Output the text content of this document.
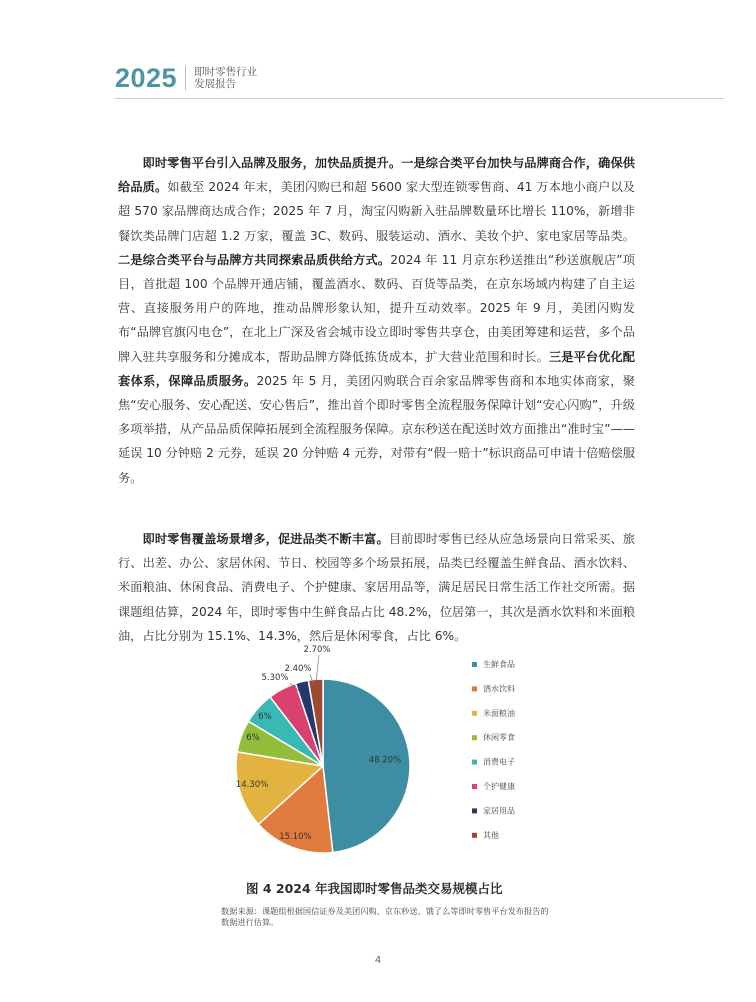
2025 即时零售行业
发展报告

即时零售平台引入品牌及服务，加快品质提升。一是综合类平台加快与品牌商合作，确保供给品质。如截至 2024 年末，美团闪购已和超 5600 家大型连锁零售商、41 万本地小商户以及超 570 家品牌商达成合作；2025 年 7 月，淘宝闪购新入驻品牌数量环比增长 110%，新增非餐饮类品牌门店超 1.2 万家，覆盖 3C、数码、服装运动、酒水、美妆个护、家电家居等品类。二是综合类平台与品牌方共同探索品质供给方式。2024 年 11 月京东秒送推出“秒送旗舰店”项目，首批超 100 个品牌开通店铺，覆盖酒水、数码、百货等品类，在京东场域内构建了自主运营、直接服务用户的阵地，推动品牌形象认知，提升互动效率。2025 年 9 月，美团闪购发布“品牌官旗闪电仓”，在北上广深及省会城市设立即时零售共享仓，由美团筹建和运营，多个品牌入驻共享服务和分摊成本，帮助品牌方降低拣货成本，扩大营业范围和时长。三是平台优化配套体系，保障品质服务。2025 年 5 月，美团闪购联合百余家品牌零售商和本地实体商家，聚焦“安心服务、安心配送、安心售后”，推出首个即时零售全流程服务保障计划“安心闪购”，升级多项举措，从产品品质保障拓展到全流程服务保障。京东秒送在配送时效方面推出“准时宝”——延误 10 分钟赔 2 元券，延误 20 分钟赔 4 元券，对带有“假一赔十”标识商品可申请十倍赔偿服务。

即时零售覆盖场景增多，促进品类不断丰富。目前即时零售已经从应急场景向日常采买、旅行、出差、办公、家居休闲、节日、校园等多个场景拓展，品类已经覆盖生鲜食品、酒水饮料、米面粮油、休闲食品、消费电子、个护健康、家居用品等，满足居民日常生活工作社交所需。据课题组估算，2024 年，即时零售中生鲜食品占比 48.2%，位居第一，其次是酒水饮料和米面粮油，占比分别为 15.1%、14.3%，然后是休闲零食，占比 6%。

48.20%
15.10%
14.30%
6%
6%
5.30%
2.40%
2.70%
生鲜食品
酒水饮料
米面粮油
休闲零食
消费电子
个护健康
家居用品
其他
图 4 2024 年我国即时零售品类交易规模占比
数据来源：课题组根据国信证券及美团闪购、京东秒送、饿了么等即时零售平台发布报告的数据进行估算。
4
